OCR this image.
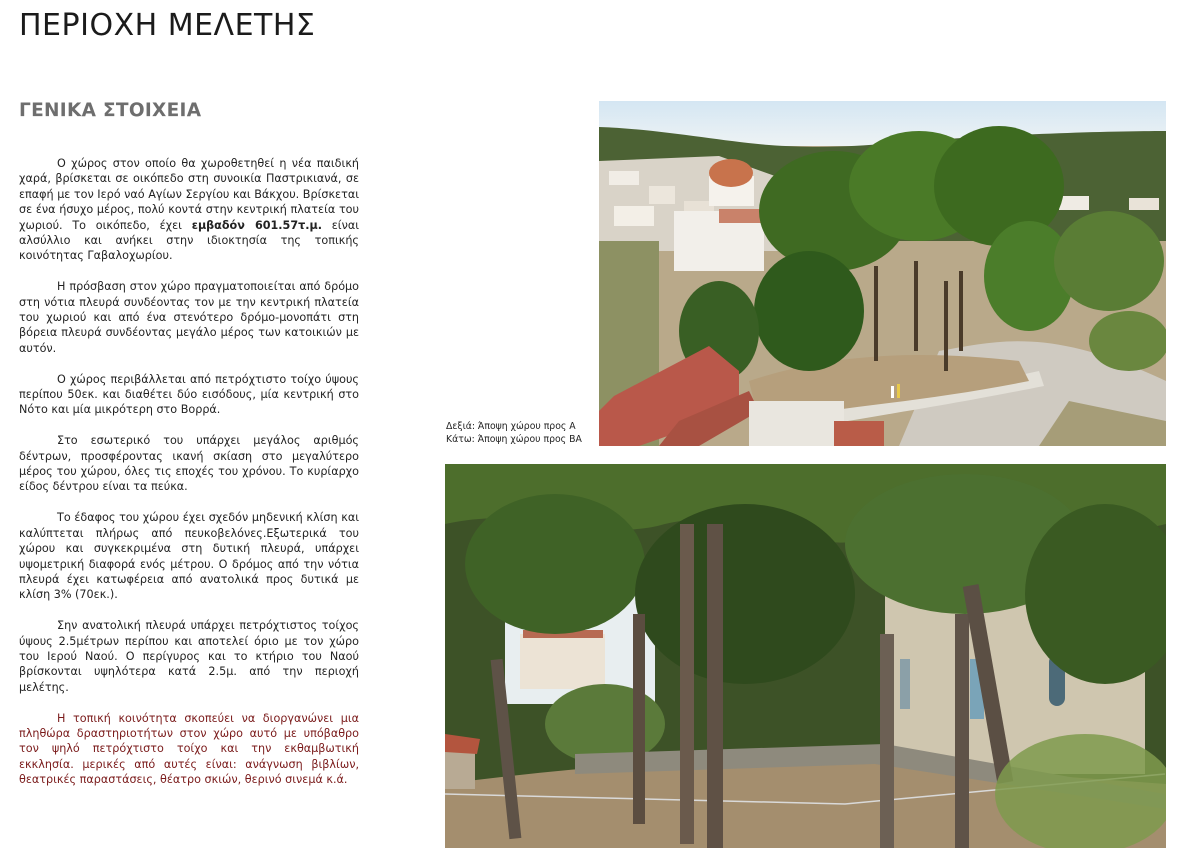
ΠΕΡΙΟΧΗ ΜΕΛΕΤΗΣ
ΓΕΝΙΚΑ ΣΤΟΙΧΕΙΑ

Ο χώρος στον οποίο θα χωροθετηθεί η νέα παιδική χαρά, βρίσκεται σε οικόπεδο στη συνοικία Παστρικιανά, σε επαφή με τον Ιερό ναό Αγίων Σεργίου και Βάκχου. Βρίσκεται σε ένα ήσυχο μέρος, πολύ κοντά στην κεντρική πλατεία του χωριού. Το οικόπεδο, έχει εμβαδόν 601.57τ.μ. είναι αλσύλλιο και ανήκει στην ιδιοκτησία της τοπικής κοινότητας Γαβαλοχωρίου.

Η πρόσβαση στον χώρο πραγματοποιείται από δρόμο στη νότια πλευρά συνδέοντας τον με την κεντρική πλατεία του χωριού και από ένα στενότερο δρόμο-μονοπάτι στη βόρεια πλευρά συνδέοντας μεγάλο μέρος των κατοικιών με αυτόν.

Ο χώρος περιβάλλεται από πετρόχτιστο τοίχο ύψους περίπου 50εκ. και διαθέτει δύο εισόδους, μία κεντρική στο Νότο και μία μικρότερη στο Βορρά.

Στο εσωτερικό του υπάρχει μεγάλος αριθμός δέντρων, προσφέροντας ικανή σκίαση στο μεγαλύτερο μέρος του χώρου, όλες τις εποχές του χρόνου. Το κυρίαρχο είδος δέντρου είναι τα πεύκα.

Το έδαφος του χώρου έχει σχεδόν μηδενική κλίση και καλύπτεται πλήρως από πευκοβελόνες.Εξωτερικά του χώρου και συγκεκριμένα στη δυτική πλευρά, υπάρχει υψομετρική διαφορά ενός μέτρου. Ο δρόμος από την νότια πλευρά έχει κατωφέρεια από ανατολικά προς δυτικά με κλίση 3% (70εκ.).

Σην ανατολική πλευρά υπάρχει πετρόχτιστος τοίχος ύψους 2.5μέτρων περίπου και αποτελεί όριο με τον χώρο του Ιερού Ναού. Ο περίγυρος και το κτήριο του Ναού βρίσκονται υψηλότερα κατά 2.5μ. από την περιοχή μελέτης.

Η τοπική κοινότητα σκοπεύει να διοργανώνει μια πληθώρα δραστηριοτήτων στον χώρο αυτό με υπόβαθρο τον ψηλό πετρόχτιστο τοίχο και την εκθαμβωτική εκκλησία. μερικές από αυτές είναι: ανάγνωση βιβλίων, θεατρικές παραστάσεις, θέατρο σκιών, θερινό σινεμά κ.ά.

Δεξιά: Άποψη χώρου προς Α
Κάτω: Άποψη χώρου προς ΒΑ
